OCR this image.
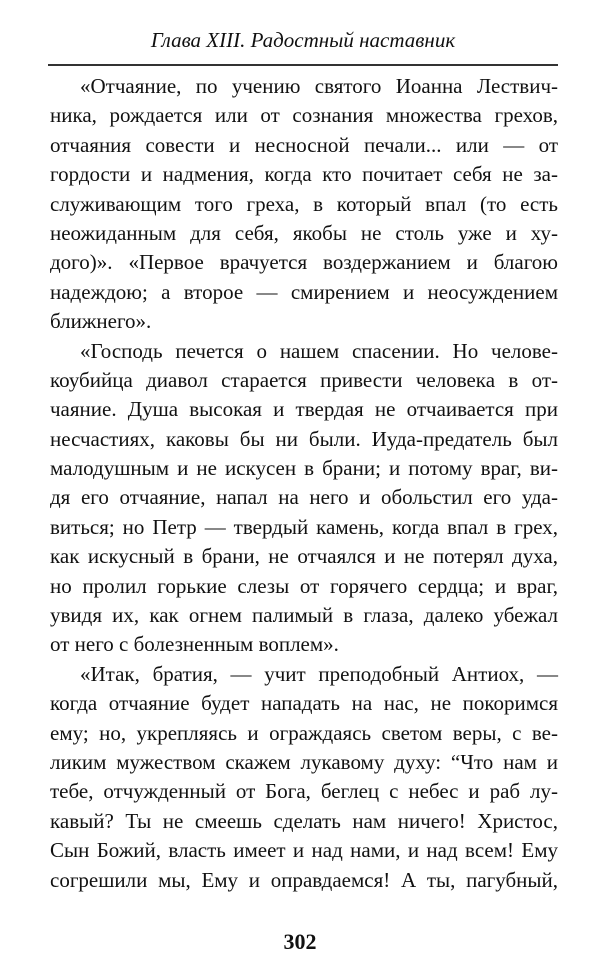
Глава XIII. Радостный наставник
«Отчаяние, по учению святого Иоанна Лествич-
ника, рождается или от сознания множества грехов,
отчаяния совести и несносной печали... или — от
гордости и надмения, когда кто почитает себя не за-
служивающим того греха, в который впал (то есть
неожиданным для себя, якобы не столь уже и ху-
дого)». «Первое врачуется воздержанием и благою
надеждою; а второе — смирением и неосуждением
ближнего».
«Господь печется о нашем спасении. Но челове-
коубийца диавол старается привести человека в от-
чаяние. Душа высокая и твердая не отчаивается при
несчастиях, каковы бы ни были. Иуда-предатель был
малодушным и не искусен в брани; и потому враг, ви-
дя его отчаяние, напал на него и обольстил его уда-
виться; но Петр — твердый камень, когда впал в грех,
как искусный в брани, не отчаялся и не потерял духа,
но пролил горькие слезы от горячего сердца; и враг,
увидя их, как огнем палимый в глаза, далеко убежал
от него с болезненным воплем».
«Итак, братия, — учит преподобный Антиох, —
когда отчаяние будет нападать на нас, не покоримся
ему; но, укрепляясь и ограждаясь светом веры, с ве-
ликим мужеством скажем лукавому духу: “Что нам и
тебе, отчужденный от Бога, беглец с небес и раб лу-
кавый? Ты не смеешь сделать нам ничего! Христос,
Сын Божий, власть имеет и над нами, и над всем! Ему
согрешили мы, Ему и оправдаемся! А ты, пагубный,
302
